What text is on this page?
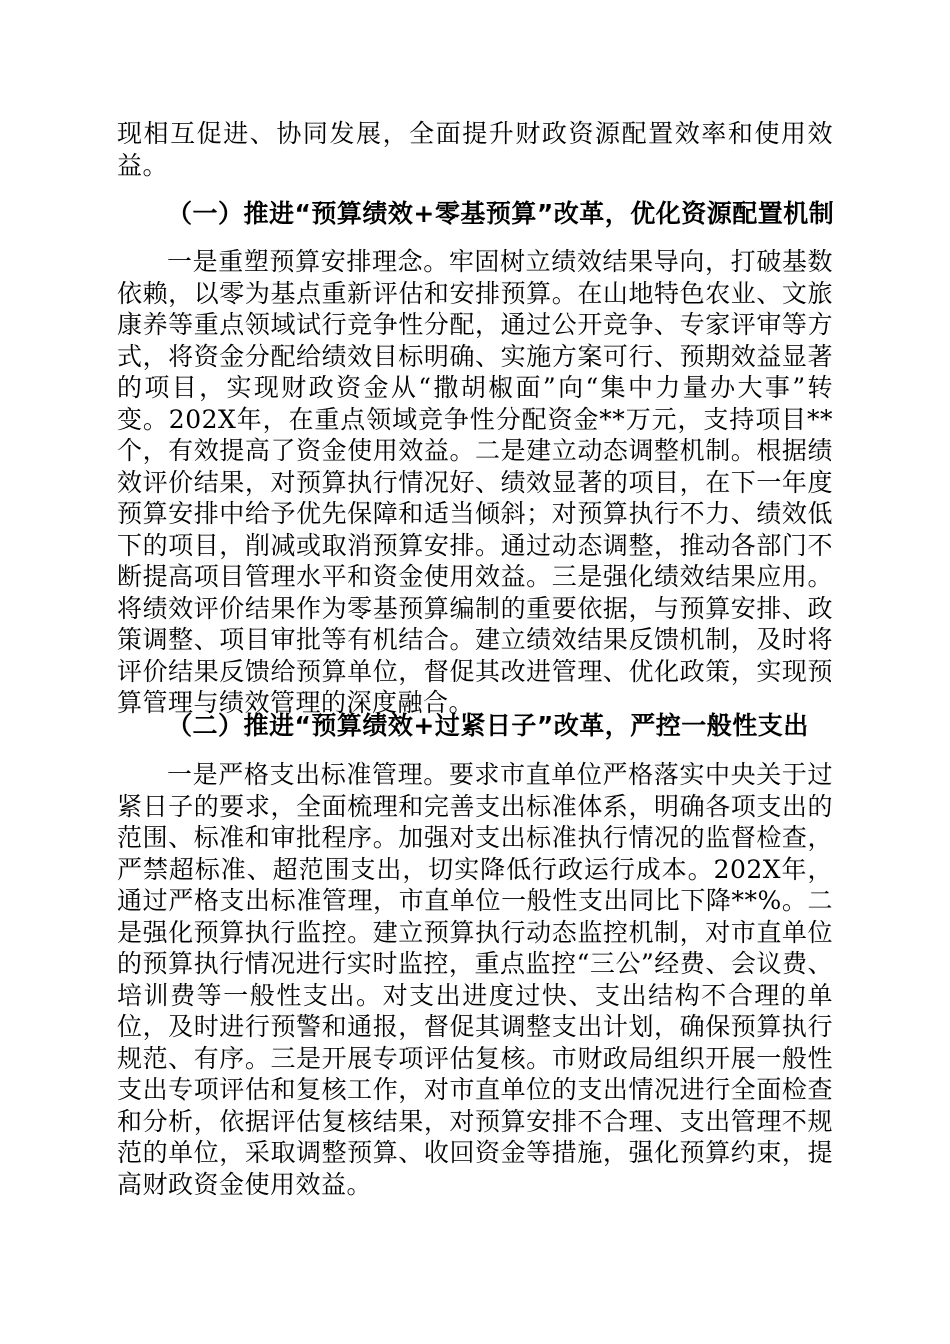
现相互促进、协同发展，全面提升财政资源配置效率和使用效益。
（一）推进“预算绩效+零基预算”改革，优化资源配置机制
一是重塑预算安排理念。牢固树立绩效结果导向，打破基数依赖，以零为基点重新评估和安排预算。在山地特色农业、文旅康养等重点领域试行竞争性分配，通过公开竞争、专家评审等方式，将资金分配给绩效目标明确、实施方案可行、预期效益显著的项目，实现财政资金从“撒胡椒面”向“集中力量办大事”转变。202X年，在重点领域竞争性分配资金**万元，支持项目**个，有效提高了资金使用效益。二是建立动态调整机制。根据绩效评价结果，对预算执行情况好、绩效显著的项目，在下一年度预算安排中给予优先保障和适当倾斜；对预算执行不力、绩效低下的项目，削减或取消预算安排。通过动态调整，推动各部门不断提高项目管理水平和资金使用效益。三是强化绩效结果应用。将绩效评价结果作为零基预算编制的重要依据，与预算安排、政策调整、项目审批等有机结合。建立绩效结果反馈机制，及时将评价结果反馈给预算单位，督促其改进管理、优化政策，实现预算管理与绩效管理的深度融合。
（二）推进“预算绩效+过紧日子”改革，严控一般性支出
一是严格支出标准管理。要求市直单位严格落实中央关于过紧日子的要求，全面梳理和完善支出标准体系，明确各项支出的范围、标准和审批程序。加强对支出标准执行情况的监督检查，严禁超标准、超范围支出，切实降低行政运行成本。202X年，通过严格支出标准管理，市直单位一般性支出同比下降**%。二是强化预算执行监控。建立预算执行动态监控机制，对市直单位的预算执行情况进行实时监控，重点监控“三公”经费、会议费、培训费等一般性支出。对支出进度过快、支出结构不合理的单位，及时进行预警和通报，督促其调整支出计划，确保预算执行规范、有序。三是开展专项评估复核。市财政局组织开展一般性支出专项评估和复核工作，对市直单位的支出情况进行全面检查和分析，依据评估复核结果，对预算安排不合理、支出管理不规范的单位，采取调整预算、收回资金等措施，强化预算约束，提高财政资金使用效益。
